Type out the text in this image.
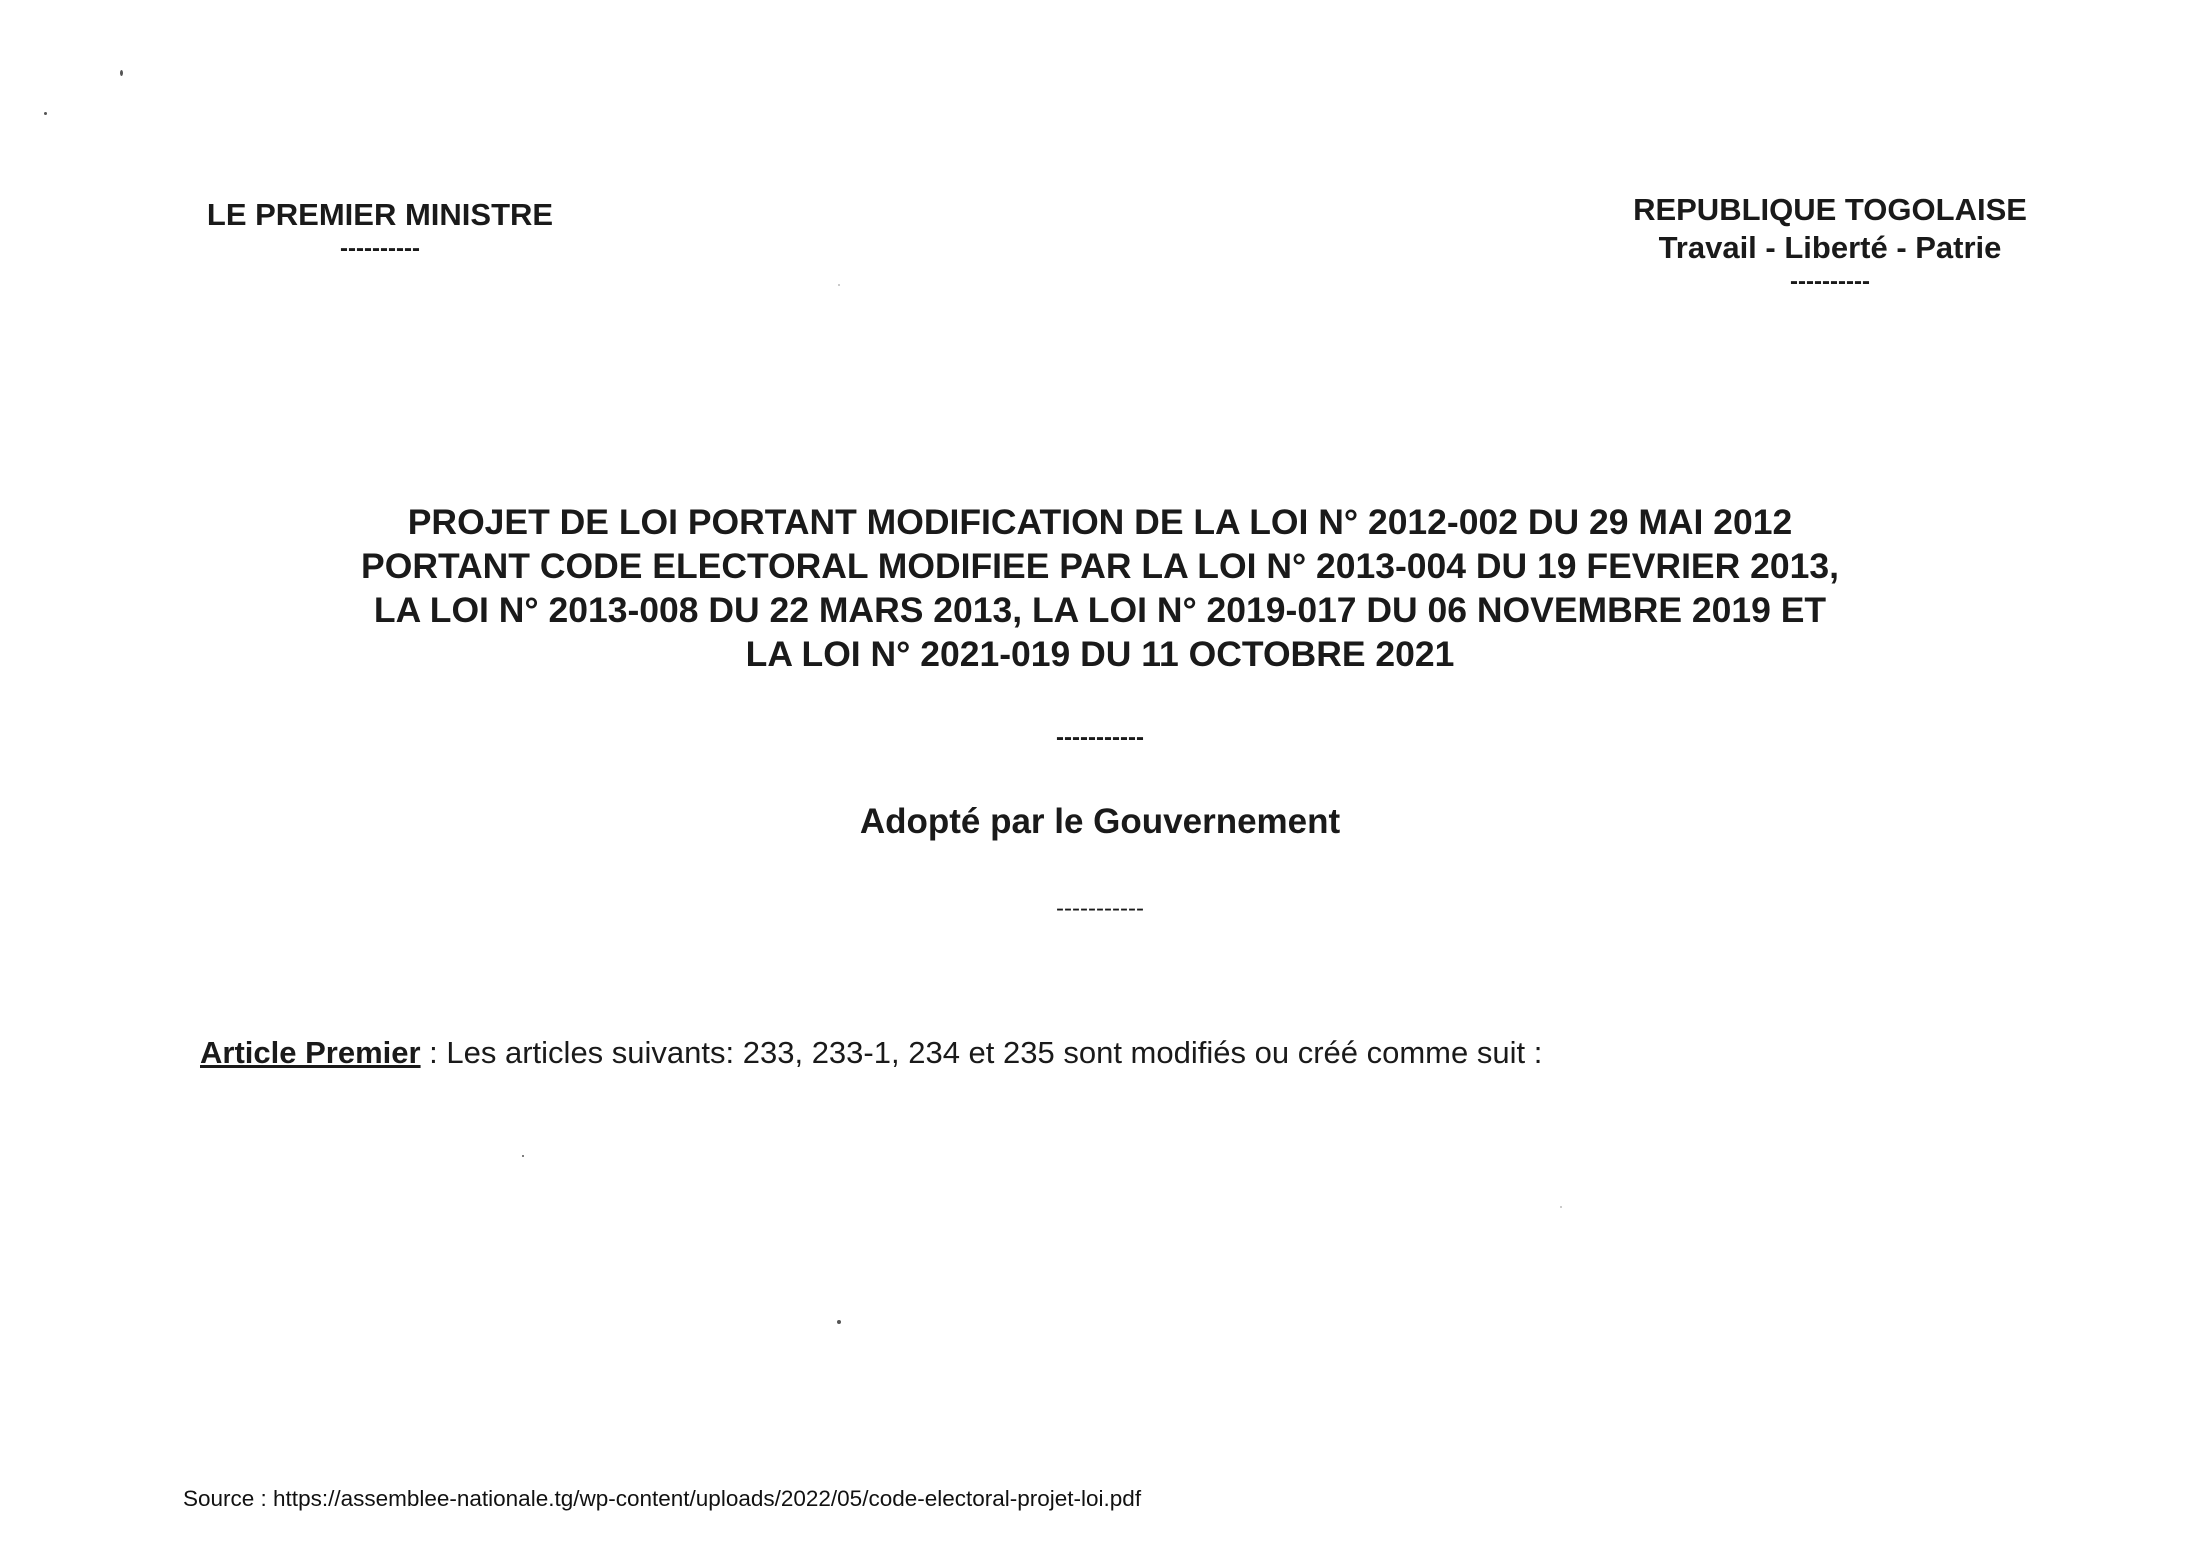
LE PREMIER MINISTRE
----------
REPUBLIQUE TOGOLAISE
Travail - Liberté - Patrie
----------
PROJET DE LOI PORTANT MODIFICATION DE LA LOI N° 2012-002 DU 29 MAI 2012
PORTANT CODE ELECTORAL MODIFIEE PAR LA LOI N° 2013-004 DU 19 FEVRIER 2013,
LA LOI N° 2013-008 DU 22 MARS 2013, LA LOI N° 2019-017 DU 06 NOVEMBRE 2019 ET
LA LOI N° 2021-019 DU 11 OCTOBRE 2021
-----------
Adopté par le Gouvernement
-----------
Article Premier : Les articles suivants: 233, 233-1, 234 et 235 sont modifiés ou créé comme suit :
Source : https://assemblee-nationale.tg/wp-content/uploads/2022/05/code-electoral-projet-loi.pdf
